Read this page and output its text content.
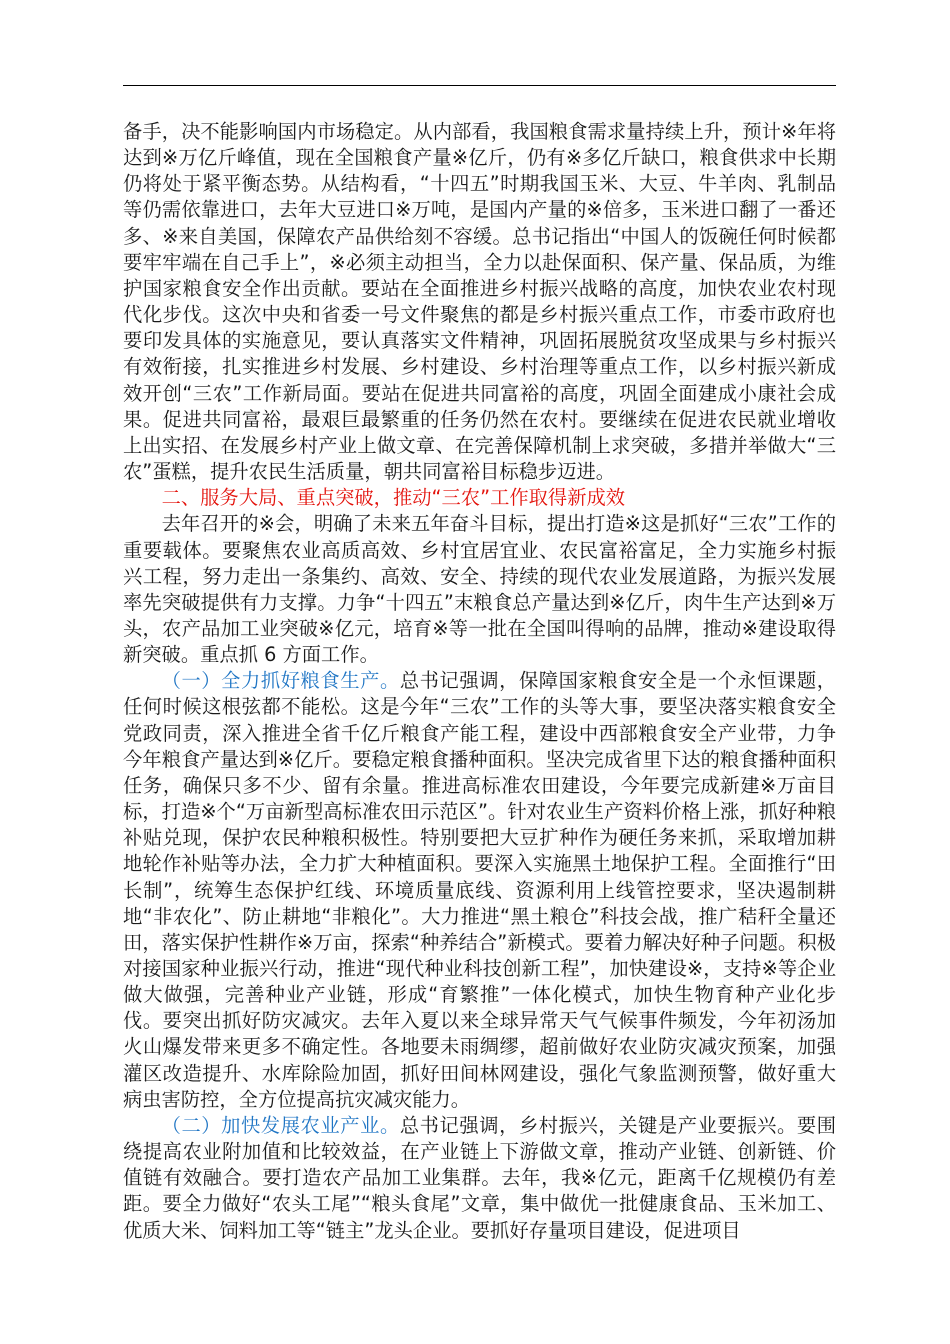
备手，决不能影响国内市场稳定。从内部看，我国粮食需求量持续上升，预计※年将达到※万亿斤峰值，现在全国粮食产量※亿斤，仍有※多亿斤缺口，粮食供求中长期仍将处于紧平衡态势。从结构看，“十四五”时期我国玉米、大豆、牛羊肉、乳制品等仍需依靠进口，去年大豆进口※万吨，是国内产量的※倍多，玉米进口翻了一番还多、※来自美国，保障农产品供给刻不容缓。总书记指出“中国人的饭碗任何时候都要牢牢端在自己手上”，※必须主动担当，全力以赴保面积、保产量、保品质，为维护国家粮食安全作出贡献。要站在全面推进乡村振兴战略的高度，加快农业农村现代化步伐。这次中央和省委一号文件聚焦的都是乡村振兴重点工作，市委市政府也要印发具体的实施意见，要认真落实文件精神，巩固拓展脱贫攻坚成果与乡村振兴有效衔接，扎实推进乡村发展、乡村建设、乡村治理等重点工作，以乡村振兴新成效开创“三农”工作新局面。要站在促进共同富裕的高度，巩固全面建成小康社会成果。促进共同富裕，最艰巨最繁重的任务仍然在农村。要继续在促进农民就业增收上出实招、在发展乡村产业上做文章、在完善保障机制上求突破，多措并举做大“三农”蛋糕，提升农民生活质量，朝共同富裕目标稳步迈进。

二、服务大局、重点突破，推动“三农”工作取得新成效

去年召开的※会，明确了未来五年奋斗目标，提出打造※这是抓好“三农”工作的重要载体。要聚焦农业高质高效、乡村宜居宜业、农民富裕富足，全力实施乡村振兴工程，努力走出一条集约、高效、安全、持续的现代农业发展道路，为振兴发展率先突破提供有力支撑。力争“十四五”末粮食总产量达到※亿斤，肉牛生产达到※万头，农产品加工业突破※亿元，培育※等一批在全国叫得响的品牌，推动※建设取得新突破。重点抓 6 方面工作。

（一）全力抓好粮食生产。总书记强调，保障国家粮食安全是一个永恒课题，任何时候这根弦都不能松。这是今年“三农”工作的头等大事，要坚决落实粮食安全党政同责，深入推进全省千亿斤粮食产能工程，建设中西部粮食安全产业带，力争今年粮食产量达到※亿斤。要稳定粮食播种面积。坚决完成省里下达的粮食播种面积任务，确保只多不少、留有余量。推进高标准农田建设，今年要完成新建※万亩目标，打造※个“万亩新型高标准农田示范区”。针对农业生产资料价格上涨，抓好种粮补贴兑现，保护农民种粮积极性。特别要把大豆扩种作为硬任务来抓，采取增加耕地轮作补贴等办法，全力扩大种植面积。要深入实施黑土地保护工程。全面推行“田长制”，统筹生态保护红线、环境质量底线、资源利用上线管控要求，坚决遏制耕地“非农化”、防止耕地“非粮化”。大力推进“黑土粮仓”科技会战，推广秸秆全量还田，落实保护性耕作※万亩，探索“种养结合”新模式。要着力解决好种子问题。积极对接国家种业振兴行动，推进“现代种业科技创新工程”，加快建设※，支持※等企业做大做强，完善种业产业链，形成“育繁推”一体化模式，加快生物育种产业化步伐。要突出抓好防灾减灾。去年入夏以来全球异常天气气候事件频发，今年初汤加火山爆发带来更多不确定性。各地要未雨绸缪，超前做好农业防灾减灾预案，加强灌区改造提升、水库除险加固，抓好田间林网建设，强化气象监测预警，做好重大病虫害防控，全方位提高抗灾减灾能力。

（二）加快发展农业产业。总书记强调，乡村振兴，关键是产业要振兴。要围绕提高农业附加值和比较效益，在产业链上下游做文章，推动产业链、创新链、价值链有效融合。要打造农产品加工业集群。去年，我※亿元，距离千亿规模仍有差距。要全力做好“农头工尾”“粮头食尾”文章，集中做优一批健康食品、玉米加工、优质大米、饲料加工等“链主”龙头企业。要抓好存量项目建设，促进项目
